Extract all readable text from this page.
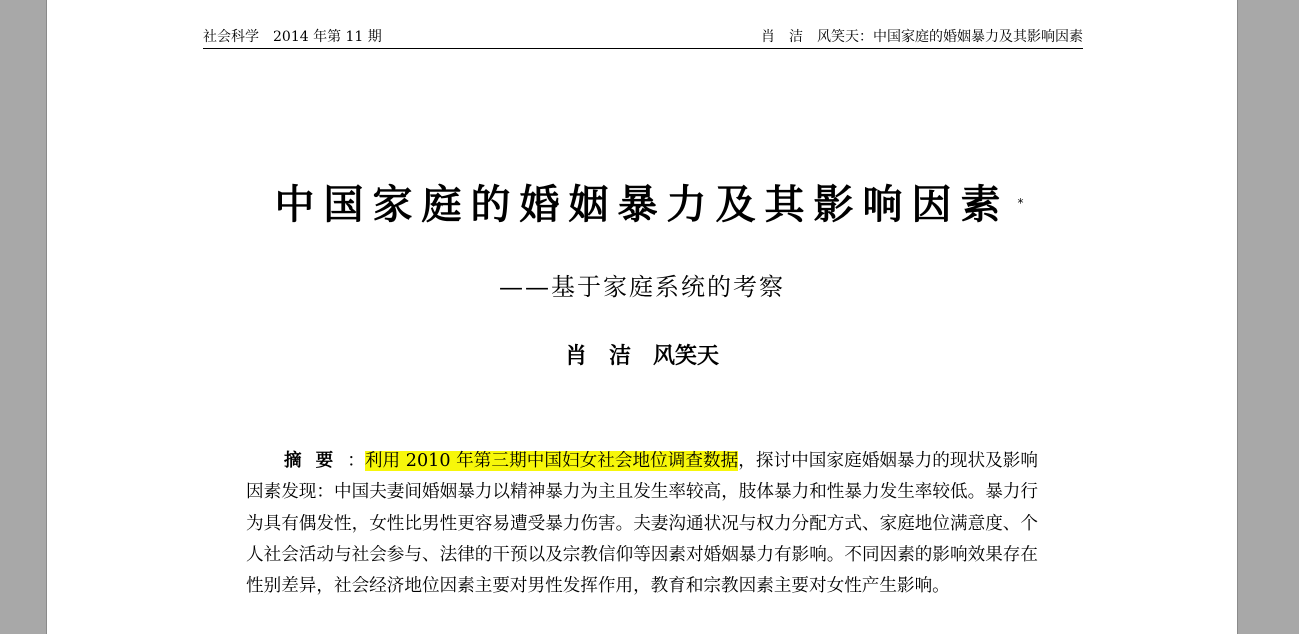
社会科学　2014 年第 11 期	肖　洁　风笑天：中国家庭的婚姻暴力及其影响因素
中国家庭的婚姻暴力及其影响因素 *
——基于家庭系统的考察
肖　洁　风笑天
摘要：利用 2010 年第三期中国妇女社会地位调查数据，探讨中国家庭婚姻暴力的现状及影响因素发现：中国夫妻间婚姻暴力以精神暴力为主且发生率较高，肢体暴力和性暴力发生率较低。暴力行为具有偶发性，女性比男性更容易遭受暴力伤害。夫妻沟通状况与权力分配方式、家庭地位满意度、个人社会活动与社会参与、法律的干预以及宗教信仰等因素对婚姻暴力有影响。不同因素的影响效果存在性别差异，社会经济地位因素主要对男性发挥作用，教育和宗教因素主要对女性产生影响。
